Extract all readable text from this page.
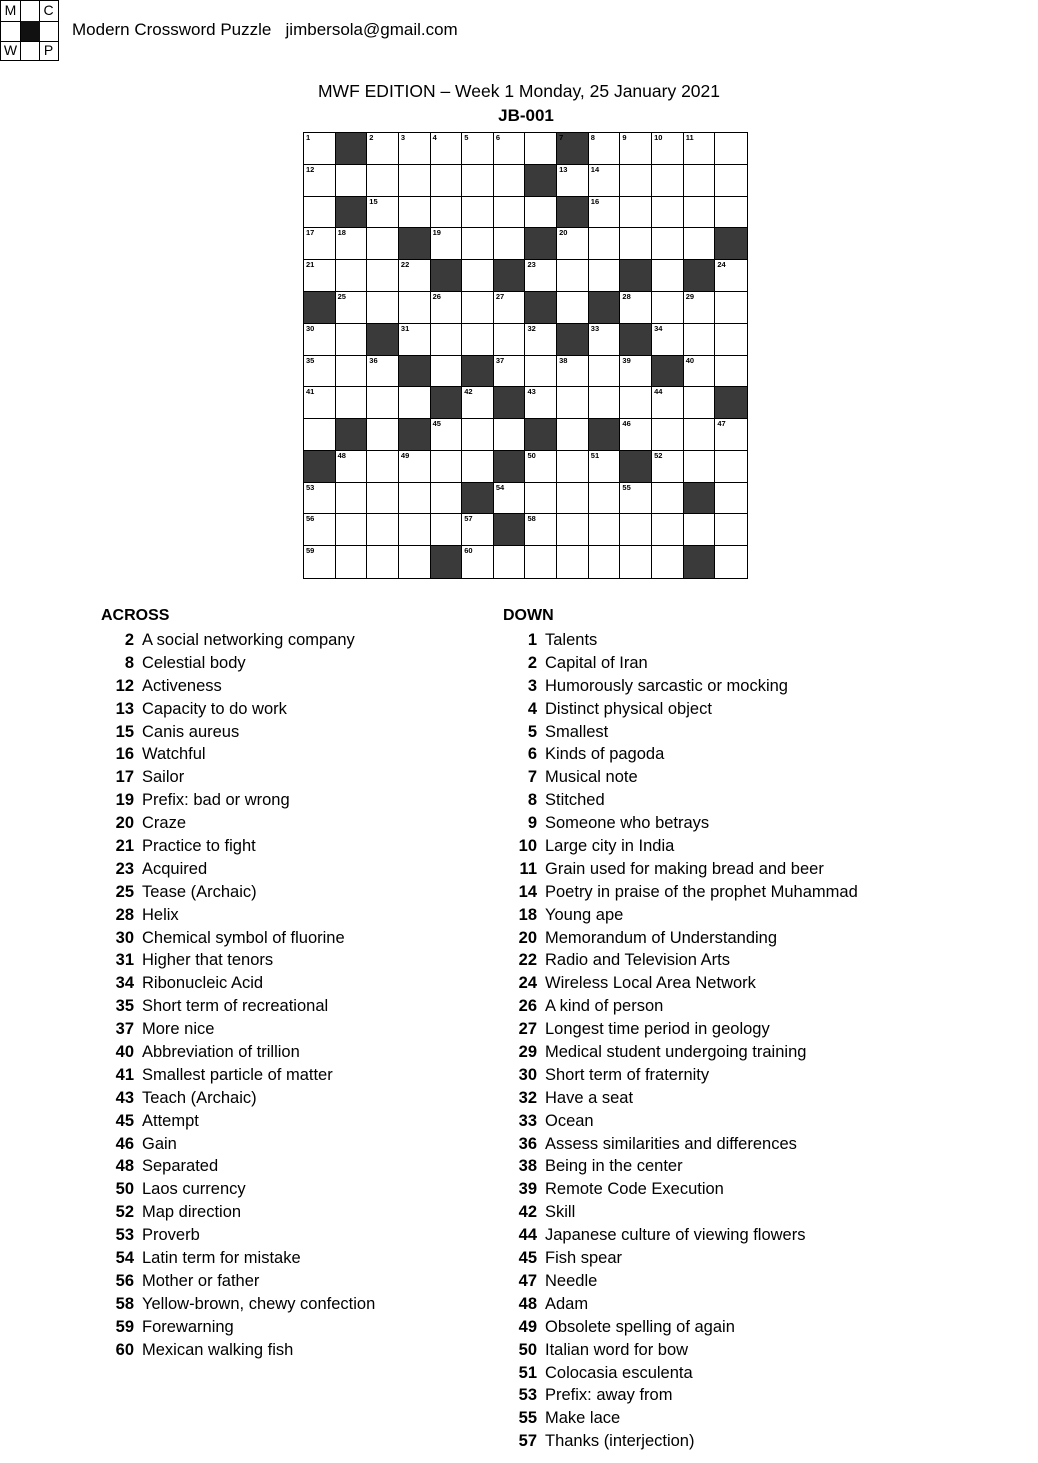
M	C
W	P
Modern Crossword Puzzle jimbersola@gmail.com
MWF EDITION – Week 1 Monday, 25 January 2021
JB-001
1	2	3	4	5	6	7	8	9	10	11
12	13	14
15	16
17	18	19	20
21	22	23	24
25	26	27	28	29
30	31	32	33	34
35	36	37	38	39	40
41	42	43	44
45	46	47
48	49	50	51	52
53	54	55
56	57	58
59	60
ACROSS
2 A social networking company
8 Celestial body
12 Activeness
13 Capacity to do work
15 Canis aureus
16 Watchful
17 Sailor
19 Prefix: bad or wrong
20 Craze
21 Practice to fight
23 Acquired
25 Tease (Archaic)
28 Helix
30 Chemical symbol of fluorine
31 Higher that tenors
34 Ribonucleic Acid
35 Short term of recreational
37 More nice
40 Abbreviation of trillion
41 Smallest particle of matter
43 Teach (Archaic)
45 Attempt
46 Gain
48 Separated
50 Laos currency
52 Map direction
53 Proverb
54 Latin term for mistake
56 Mother or father
58 Yellow-brown, chewy confection
59 Forewarning
60 Mexican walking fish
DOWN
1 Talents
2 Capital of Iran
3 Humorously sarcastic or mocking
4 Distinct physical object
5 Smallest
6 Kinds of pagoda
7 Musical note
8 Stitched
9 Someone who betrays
10 Large city in India
11 Grain used for making bread and beer
14 Poetry in praise of the prophet Muhammad
18 Young ape
20 Memorandum of Understanding
22 Radio and Television Arts
24 Wireless Local Area Network
26 A kind of person
27 Longest time period in geology
29 Medical student undergoing training
30 Short term of fraternity
32 Have a seat
33 Ocean
36 Assess similarities and differences
38 Being in the center
39 Remote Code Execution
42 Skill
44 Japanese culture of viewing flowers
45 Fish spear
47 Needle
48 Adam
49 Obsolete spelling of again
50 Italian word for bow
51 Colocasia esculenta
53 Prefix: away from
55 Make lace
57 Thanks (interjection)
